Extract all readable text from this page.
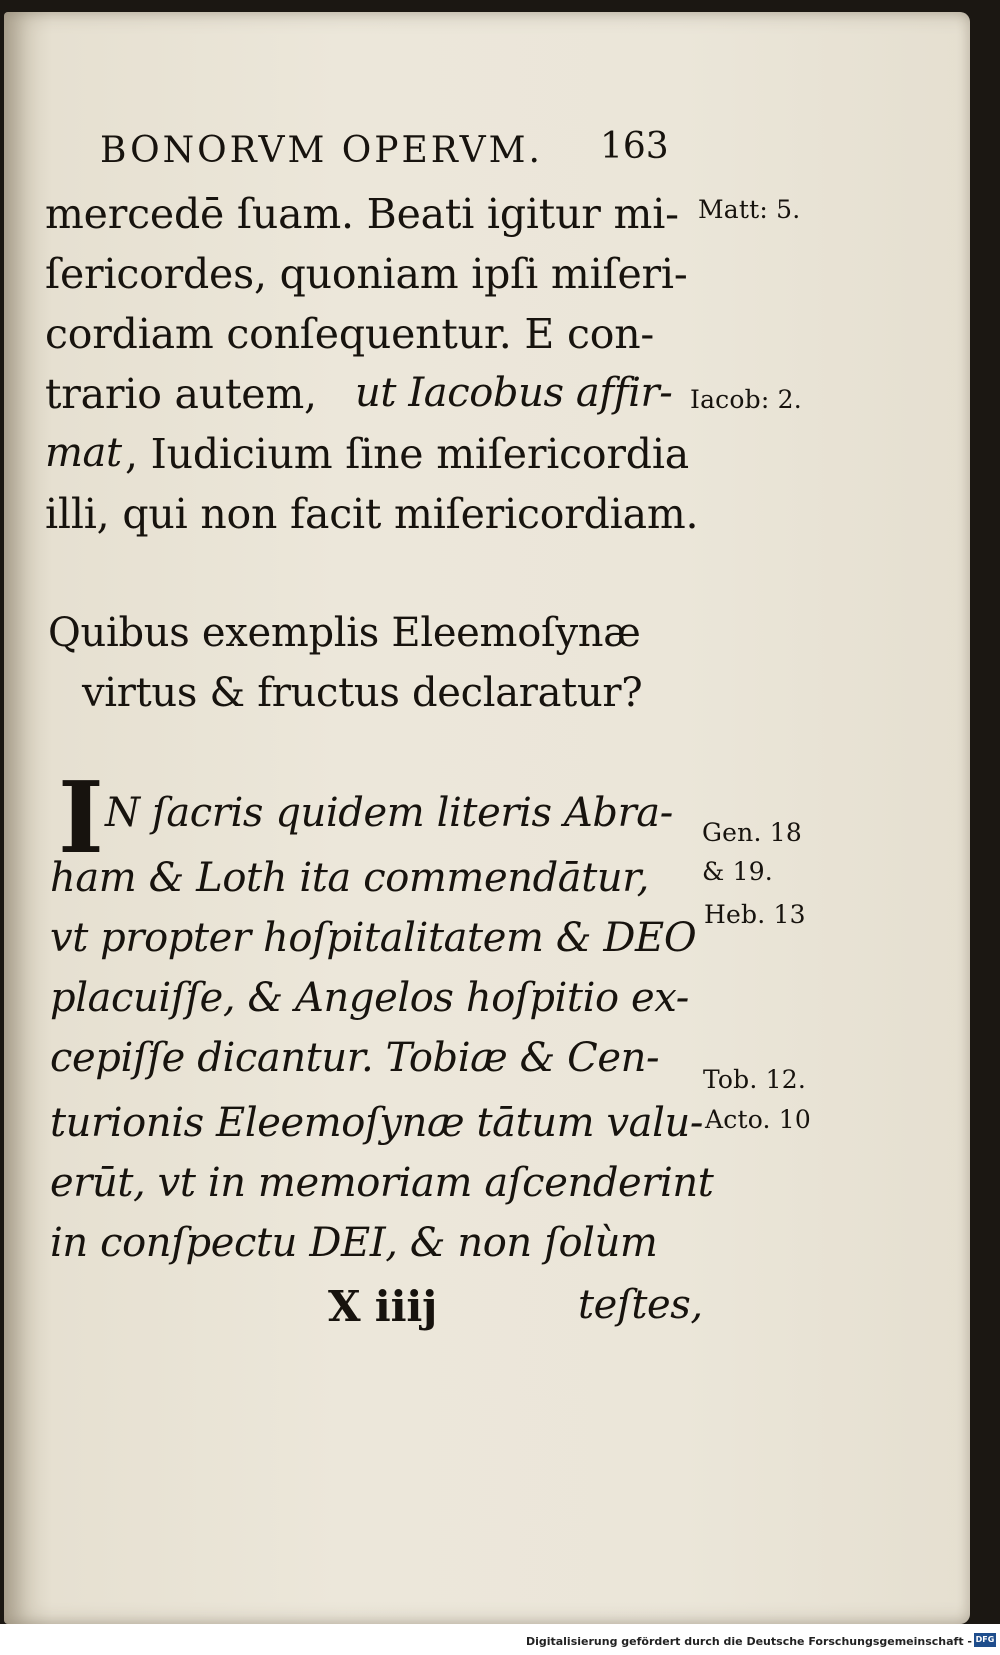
BONORVM OPERVM. 163
mercedē ſuam. Beati igitur mi-
ſericordes, quoniam ipſi miſeri-
cordiam conſequentur. E con-
trario autem, ut Iacobus affir-
mat , Iudicium ſine miſericordia
illi, qui non facit miſericordiam.
Matt: 5.
Iacob: 2.
Quibus exemplis Eleemoſynæ
virtus & fructus declaratur?
I N ſacris quidem literis Abra-
ham & Loth ita commendātur,
vt propter hoſpitalitatem & DEO
placuiſſe, & Angelos hoſpitio ex-
cepiſſe dicantur. Tobiæ & Cen-
turionis Eleemoſynæ tātum valu-
erūt, vt in memoriam aſcenderint
in conſpectu DEI, & non ſolùm
Gen. 18
& 19.
Heb. 13
Tob. 12.
Acto. 10
X iiij	teſtes,
Digitalisierung gefördert durch die Deutsche Forschungsgemeinschaft - DFG
